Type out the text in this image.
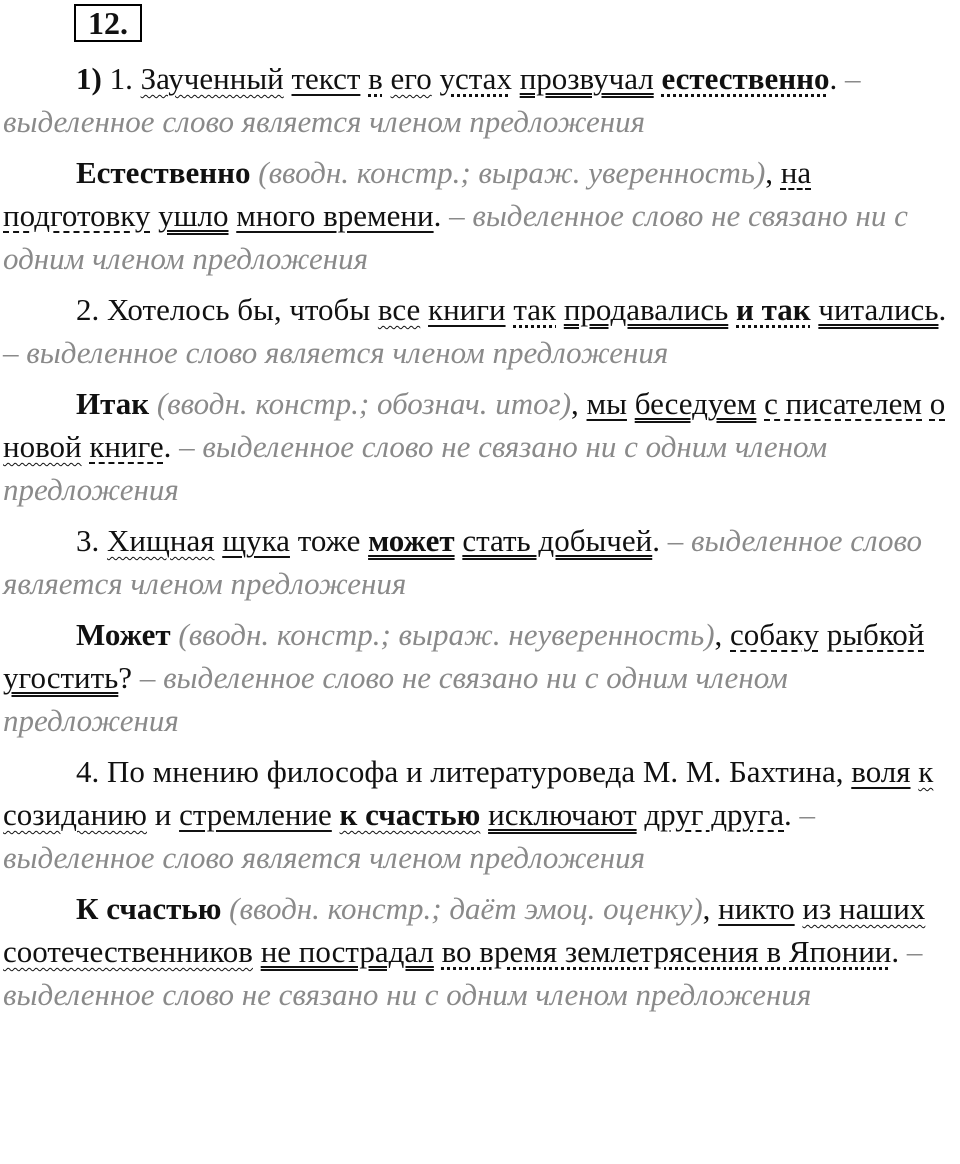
12.

1) 1. Заученный текст в его устах прозвучал естественно. – выделенное слово является членом предложения

Естественно (вводн. констр.; выраж. уверенность), на подготовку ушло много времени. – выделенное слово не связано ни с одним членом предложения

2. Хотелось бы, чтобы все книги так продавались и так читались. – выделенное слово является членом предложения

Итак (вводн. констр.; обознач. итог), мы беседуем с писателем о новой книге. – выделенное слово не связано ни с одним членом предложения

3. Хищная щука тоже может стать добычей. – выделенное слово является членом предложения

Может (вводн. констр.; выраж. неуверенность), собаку рыбкой угостить? – выделенное слово не связано ни с одним членом предложения

4. По мнению философа и литературоведа М. М. Бахтина, воля к созиданию и стремление к счастью исключают друг друга. – выделенное слово является членом предложения

К счастью (вводн. констр.; даёт эмоц. оценку), никто из наших соотечественников не пострадал во время землетрясения в Японии. – выделенное слово не связано ни с одним членом предложения
